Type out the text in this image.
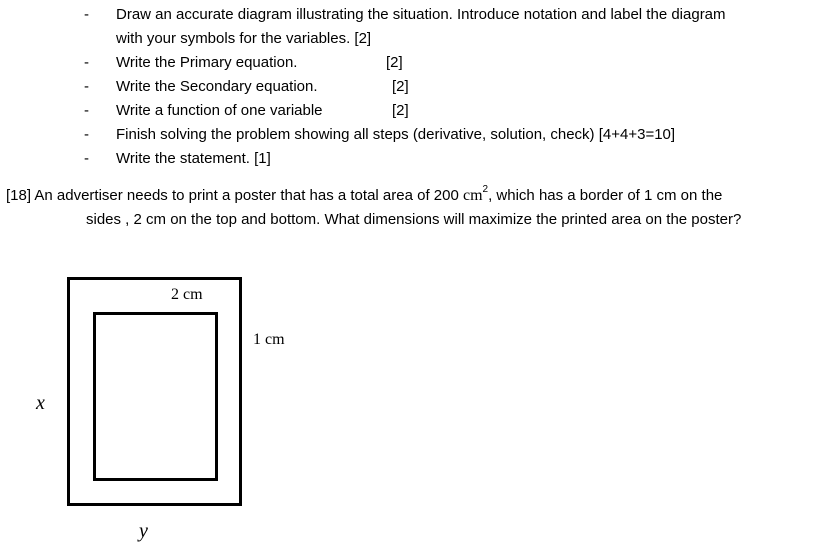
- Draw an accurate diagram illustrating the situation. Introduce notation and label the diagram
with your symbols for the variables. [2]
- Write the Primary equation.	[2]
- Write the Secondary equation.	[2]
- Write a function of one variable	[2]
- Finish solving the problem showing all steps (derivative, solution, check) [4+4+3=10]
- Write the statement. [1]
[18] An advertiser needs to print a poster that has a total area of 200 $cm^2$, which has a border of 1 cm on the
sides , 2 cm on the top and bottom. What dimensions will maximize the printed area on the poster?
2 cm
1 cm
x
y
